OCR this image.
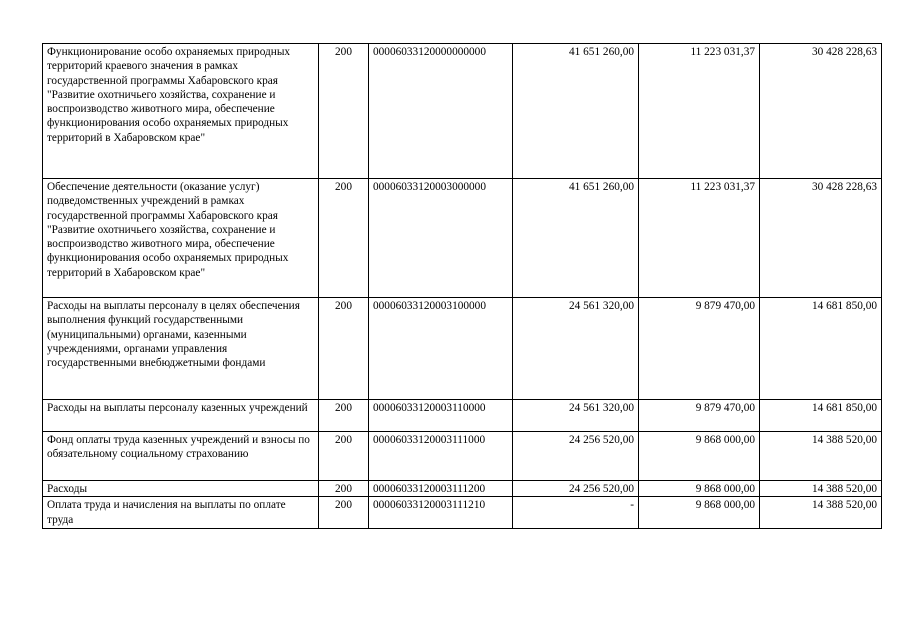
Функционирование особо охраняемых природных территорий краевого значения в рамках государственной программы Хабаровского края "Развитие охотничьего хозяйства, сохранение и воспроизводство животного мира, обеспечение функционирования особо охраняемых природных территорий в Хабаровском крае"	200	00006033120000000000	41 651 260,00	11 223 031,37	30 428 228,63
Обеспечение деятельности (оказание услуг) подведомственных учреждений в рамках государственной программы Хабаровского края "Развитие охотничьего хозяйства, сохранение и воспроизводство животного мира, обеспечение функционирования особо охраняемых природных территорий в Хабаровском крае"	200	00006033120003000000	41 651 260,00	11 223 031,37	30 428 228,63
Расходы на выплаты персоналу в целях обеспечения выполнения функций государственными (муниципальными) органами, казенными учреждениями, органами управления государственными внебюджетными фондами	200	00006033120003100000	24 561 320,00	9 879 470,00	14 681 850,00
Расходы на выплаты персоналу казенных учреждений	200	00006033120003110000	24 561 320,00	9 879 470,00	14 681 850,00
Фонд оплаты труда казенных учреждений и взносы по обязательному социальному страхованию	200	00006033120003111000	24 256 520,00	9 868 000,00	14 388 520,00
Расходы	200	00006033120003111200	24 256 520,00	9 868 000,00	14 388 520,00
Оплата труда и начисления на выплаты по оплате труда	200	00006033120003111210	-	9 868 000,00	14 388 520,00
